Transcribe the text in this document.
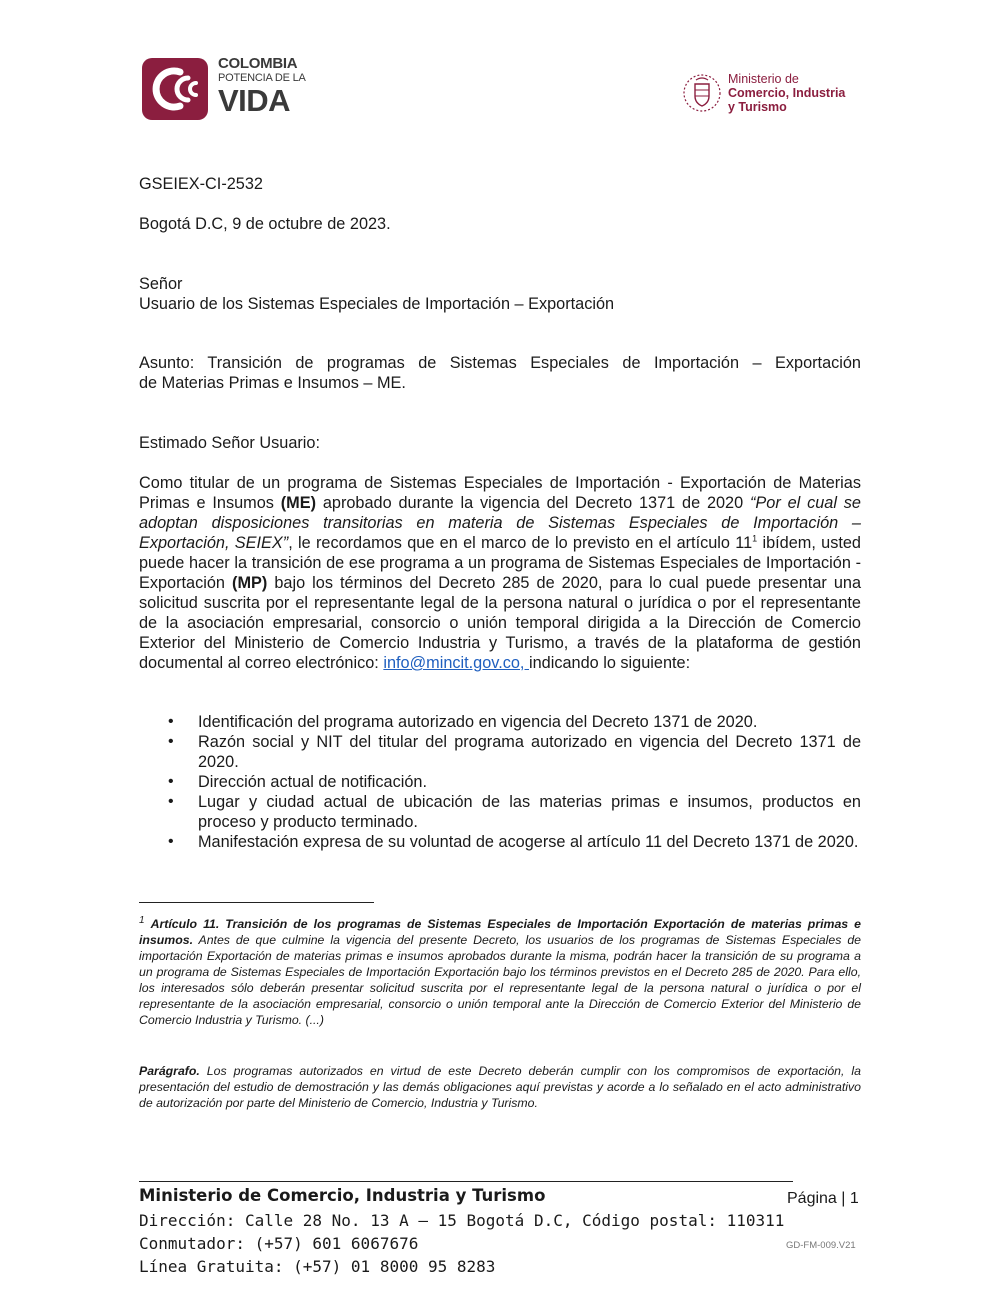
COLOMBIA
POTENCIA DE LA
VIDA
Ministerio de
Comercio, Industria
y Turismo
GSEIEX-CI-2532
Bogotá D.C, 9 de octubre de 2023.
Señor
Usuario de los Sistemas Especiales de Importación – Exportación
Asunto: Transición de programas de Sistemas Especiales de Importación – Exportación
de Materias Primas e Insumos – ME.
Estimado Señor Usuario:
Como titular de un programa de Sistemas Especiales de Importación - Exportación de Materias Primas e Insumos (ME) aprobado durante la vigencia del Decreto 1371 de 2020 “Por el cual se adoptan disposiciones transitorias en materia de Sistemas Especiales de Importación – Exportación, SEIEX”, le recordamos que en el marco de lo previsto en el artículo $11^1$ ibídem, usted puede hacer la transición de ese programa a un programa de Sistemas Especiales de Importación - Exportación (MP) bajo los términos del Decreto 285 de 2020, para lo cual puede presentar una solicitud suscrita por el representante legal de la persona natural o jurídica o por el representante de la asociación empresarial, consorcio o unión temporal dirigida a la Dirección de Comercio Exterior del Ministerio de Comercio Industria y Turismo, a través de la plataforma de gestión documental al correo electrónico: info@mincit.gov.co, indicando lo siguiente:
• Identificación del programa autorizado en vigencia del Decreto 1371 de 2020.
• Razón social y NIT del titular del programa autorizado en vigencia del Decreto 1371 de 2020.
• Dirección actual de notificación.
• Lugar y ciudad actual de ubicación de las materias primas e insumos, productos en proceso y producto terminado.
• Manifestación expresa de su voluntad de acogerse al artículo 11 del Decreto 1371 de 2020.
$^1$ Artículo 11. Transición de los programas de Sistemas Especiales de Importación Exportación de materias primas e insumos. Antes de que culmine la vigencia del presente Decreto, los usuarios de los programas de Sistemas Especiales de importación Exportación de materias primas e insumos aprobados durante la misma, podrán hacer la transición de su programa a un programa de Sistemas Especiales de Importación Exportación bajo los términos previstos en el Decreto 285 de 2020. Para ello, los interesados sólo deberán presentar solicitud suscrita por el representante legal de la persona natural o jurídica o por el representante de la asociación empresarial, consorcio o unión temporal ante la Dirección de Comercio Exterior del Ministerio de Comercio Industria y Turismo. (...)
Parágrafo. Los programas autorizados en virtud de este Decreto deberán cumplir con los compromisos de exportación, la presentación del estudio de demostración y las demás obligaciones aquí previstas y acorde a lo señalado en el acto administrativo de autorización por parte del Ministerio de Comercio, Industria y Turismo.
Ministerio de Comercio, Industria y Turismo	Página | 1
Dirección: Calle 28 No. 13 A – 15 Bogotá D.C, Código postal: 110311
Conmutador: (+57) 601 6067676	GD-FM-009.V21
Línea Gratuita: (+57) 01 8000 95 8283
